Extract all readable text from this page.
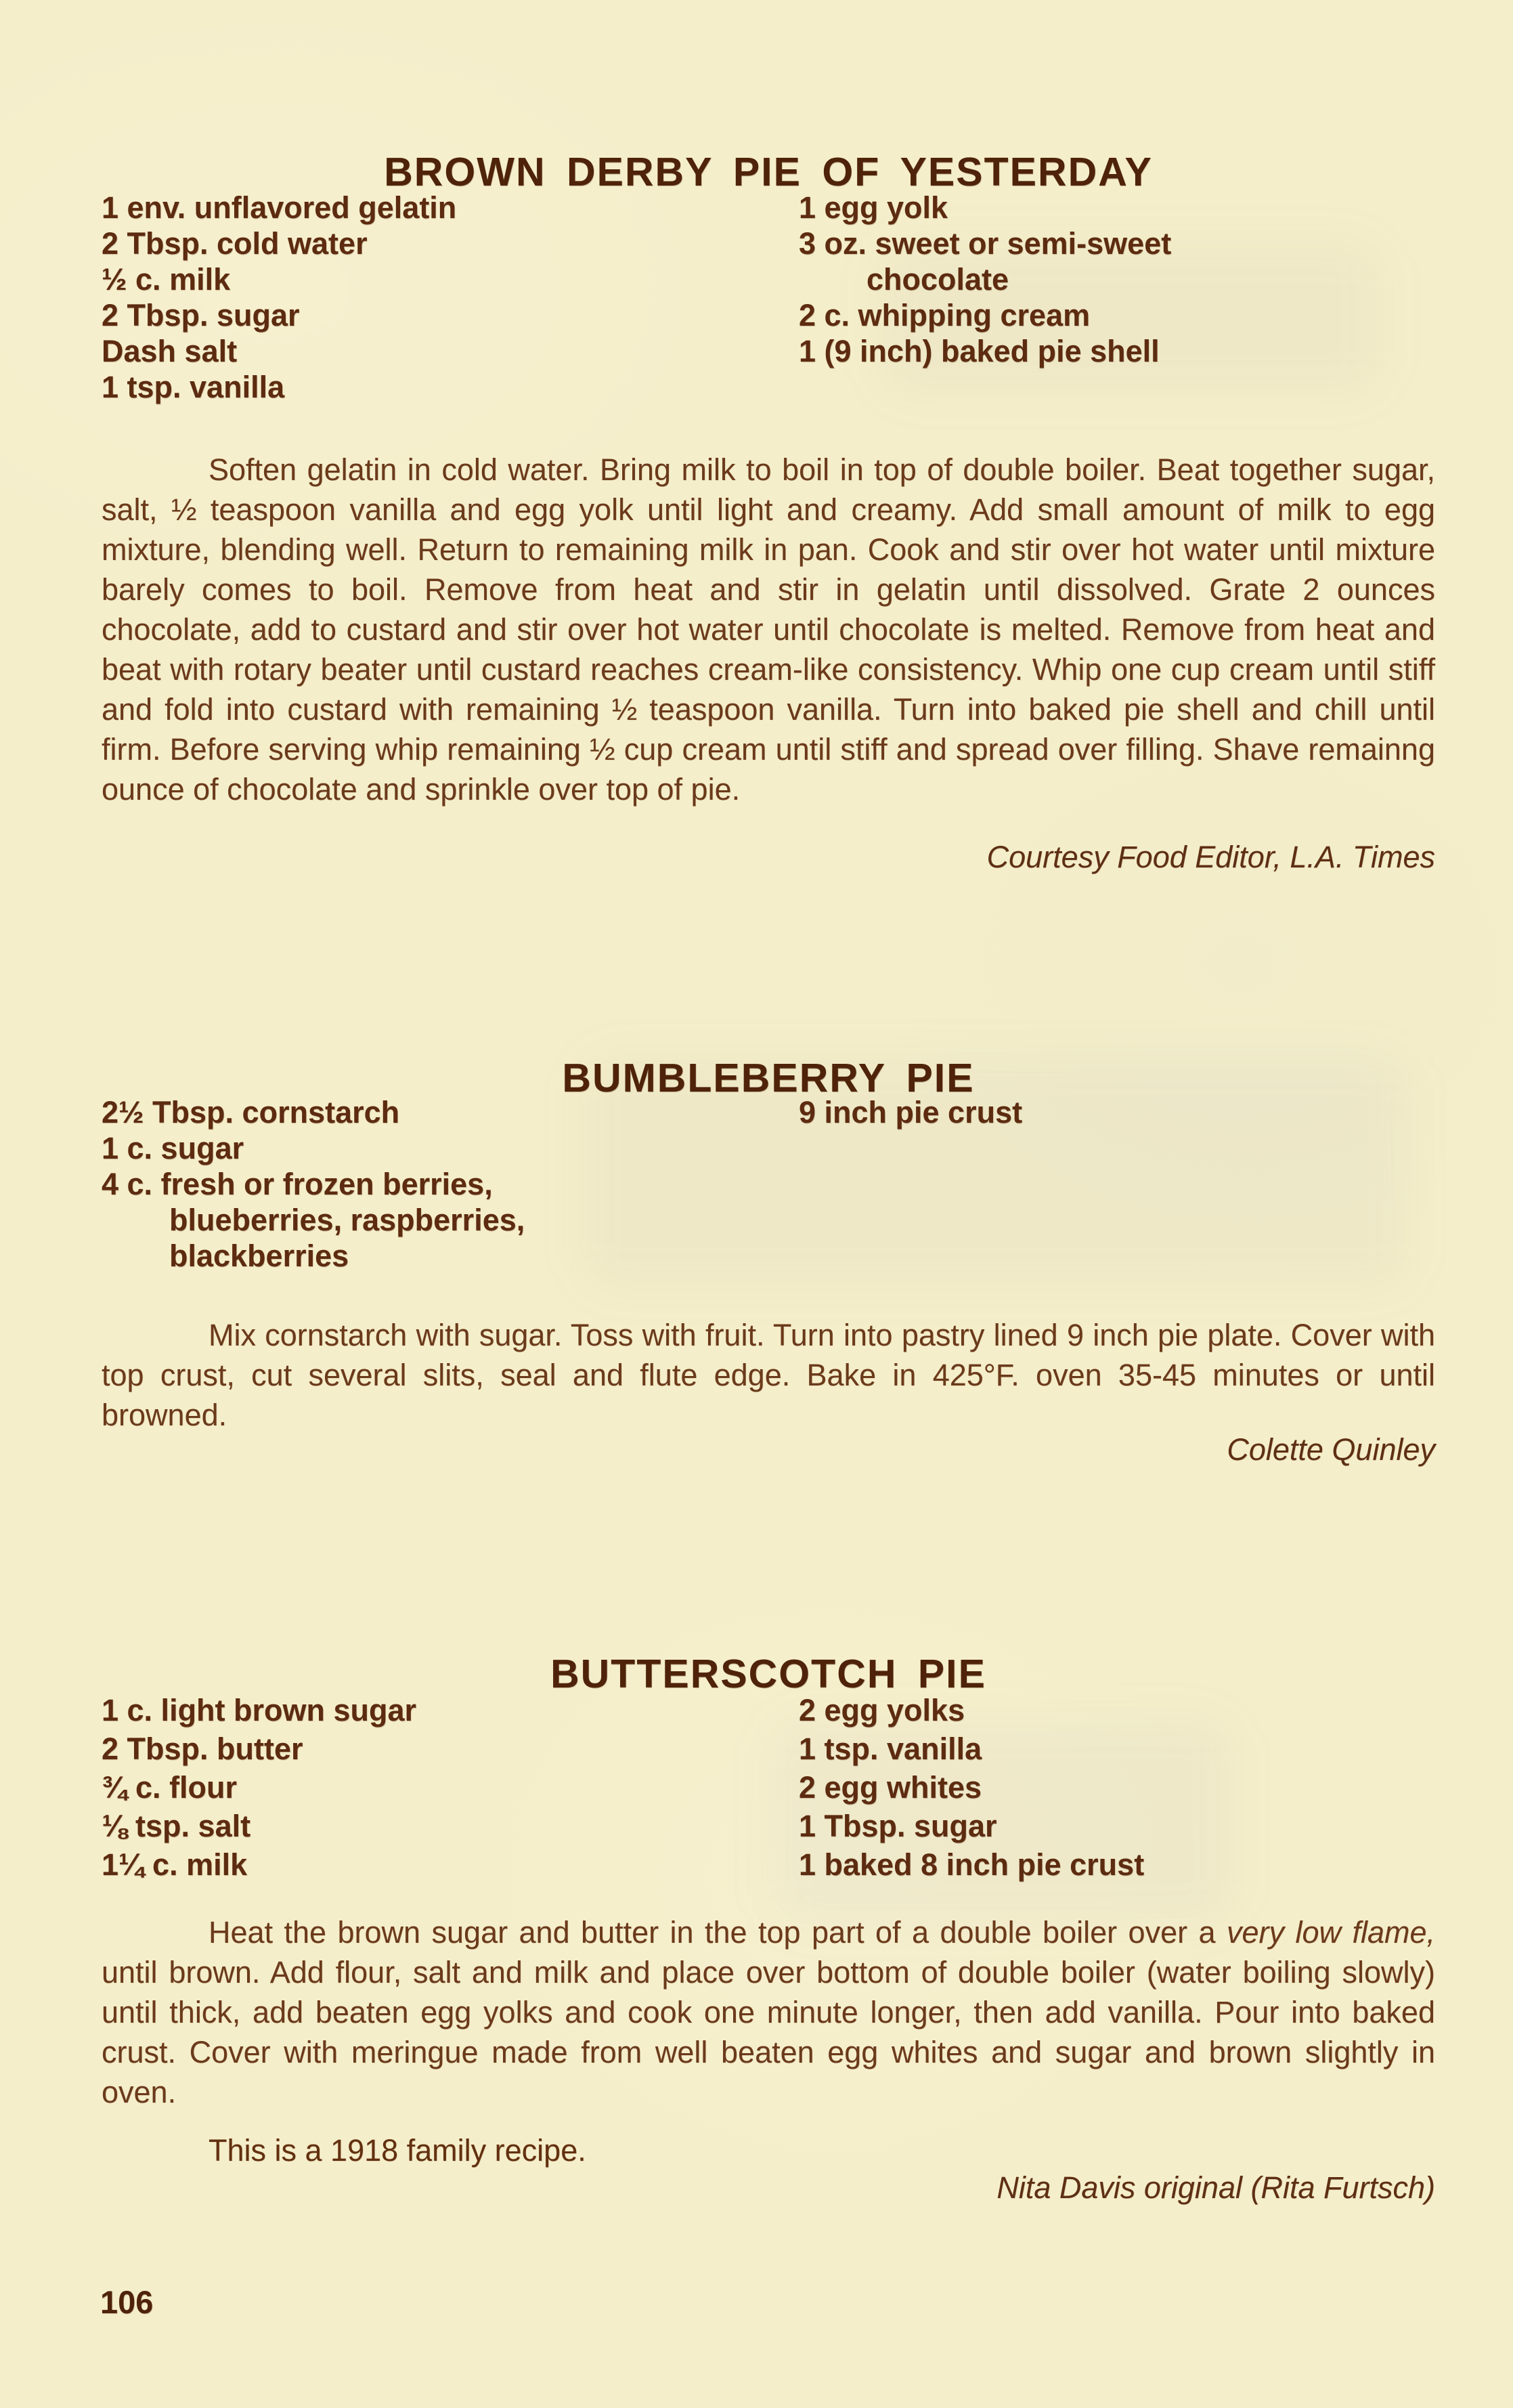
BROWN DERBY PIE OF YESTERDAY
1 env. unflavored gelatin
2 Tbsp. cold water
½ c. milk
2 Tbsp. sugar
Dash salt
1 tsp. vanilla
1 egg yolk
3 oz. sweet or semi-sweet
chocolate
2 c. whipping cream
1 (9 inch) baked pie shell

Soften gelatin in cold water. Bring milk to boil in top of double boiler. Beat together sugar, salt, ½ teaspoon vanilla and egg yolk until light and creamy. Add small amount of milk to egg mixture, blending well. Return to remaining milk in pan. Cook and stir over hot water until mixture barely comes to boil. Remove from heat and stir in gelatin until dissolved. Grate 2 ounces chocolate, add to custard and stir over hot water until chocolate is melted. Remove from heat and beat with rotary beater until custard reaches cream-like consistency. Whip one cup cream until stiff and fold into custard with remaining ½ teaspoon vanilla. Turn into baked pie shell and chill until firm. Before serving whip remaining ½ cup cream until stiff and spread over filling. Shave remainng ounce of chocolate and sprinkle over top of pie.

Courtesy Food Editor, L.A. Times
BUMBLEBERRY PIE
2½ Tbsp. cornstarch
1 c. sugar
4 c. fresh or frozen berries,
blueberries, raspberries,
blackberries
9 inch pie crust

Mix cornstarch with sugar. Toss with fruit. Turn into pastry lined 9 inch pie plate. Cover with top crust, cut several slits, seal and flute edge. Bake in 425°F. oven 35-45 minutes or until browned.

Colette Quinley
BUTTERSCOTCH PIE
1 c. light brown sugar
2 Tbsp. butter
¾ c. flour
⅛ tsp. salt
1¼ c. milk
2 egg yolks
1 tsp. vanilla
2 egg whites
1 Tbsp. sugar
1 baked 8 inch pie crust

Heat the brown sugar and butter in the top part of a double boiler over a very low flame, until brown. Add flour, salt and milk and place over bottom of double boiler (water boiling slowly) until thick, add beaten egg yolks and cook one minute longer, then add vanilla. Pour into baked crust. Cover with meringue made from well beaten egg whites and sugar and brown slightly in oven.

This is a 1918 family recipe.
Nita Davis original (Rita Furtsch)
106
